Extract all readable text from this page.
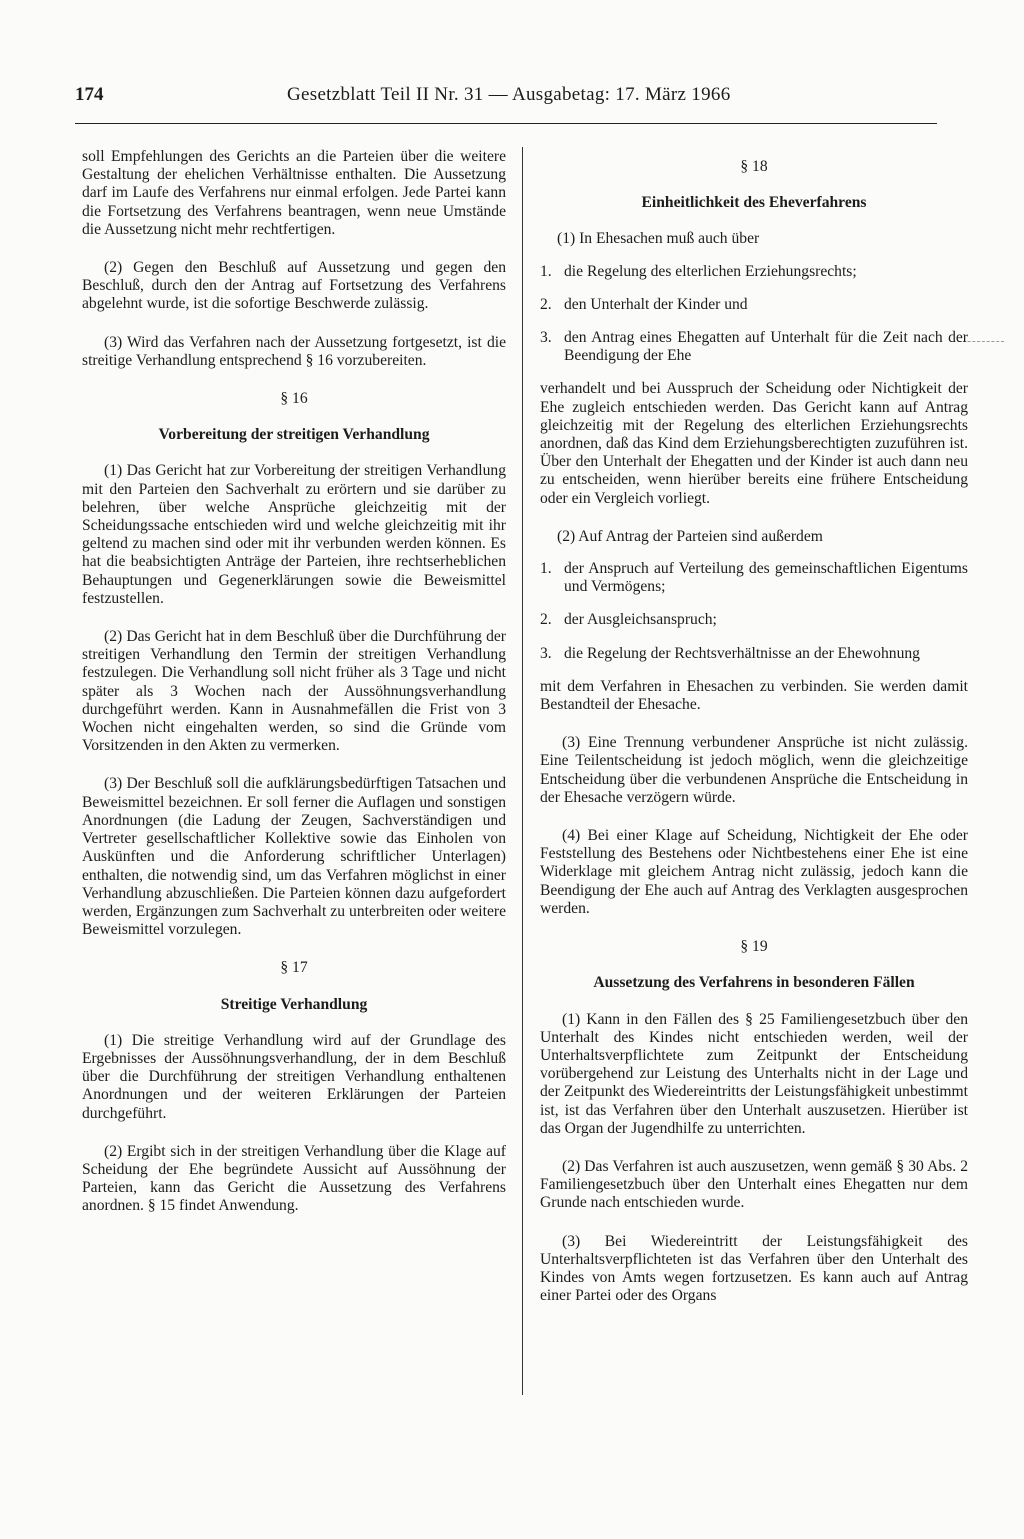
174	Gesetzblatt Teil II Nr. 31 — Ausgabetag: 17. März 1966

soll Empfehlungen des Gerichts an die Parteien über die weitere Gestaltung der ehelichen Verhältnisse enthalten. Die Aussetzung darf im Laufe des Verfahrens nur einmal erfolgen. Jede Partei kann die Fortsetzung des Verfahrens beantragen, wenn neue Umstände die Aussetzung nicht mehr rechtfertigen.

(2) Gegen den Beschluß auf Aussetzung und gegen den Beschluß, durch den der Antrag auf Fortsetzung des Verfahrens abgelehnt wurde, ist die sofortige Beschwerde zulässig.

(3) Wird das Verfahren nach der Aussetzung fortgesetzt, ist die streitige Verhandlung entsprechend § 16 vorzubereiten.

§ 16

Vorbereitung der streitigen Verhandlung

(1) Das Gericht hat zur Vorbereitung der streitigen Verhandlung mit den Parteien den Sachverhalt zu erörtern und sie darüber zu belehren, über welche Ansprüche gleichzeitig mit der Scheidungssache entschieden wird und welche gleichzeitig mit ihr geltend zu machen sind oder mit ihr verbunden werden können. Es hat die beabsichtigten Anträge der Parteien, ihre rechtserheblichen Behauptungen und Gegenerklärungen sowie die Beweismittel festzustellen.

(2) Das Gericht hat in dem Beschluß über die Durchführung der streitigen Verhandlung den Termin der streitigen Verhandlung festzulegen. Die Verhandlung soll nicht früher als 3 Tage und nicht später als 3 Wochen nach der Aussöhnungsverhandlung durchgeführt werden. Kann in Ausnahmefällen die Frist von 3 Wochen nicht eingehalten werden, so sind die Gründe vom Vorsitzenden in den Akten zu vermerken.

(3) Der Beschluß soll die aufklärungsbedürftigen Tatsachen und Beweismittel bezeichnen. Er soll ferner die Auflagen und sonstigen Anordnungen (die Ladung der Zeugen, Sachverständigen und Vertreter gesellschaftlicher Kollektive sowie das Einholen von Auskünften und die Anforderung schriftlicher Unterlagen) enthalten, die notwendig sind, um das Verfahren möglichst in einer Verhandlung abzuschließen. Die Parteien können dazu aufgefordert werden, Ergänzungen zum Sachverhalt zu unterbreiten oder weitere Beweismittel vorzulegen.

§ 17

Streitige Verhandlung

(1) Die streitige Verhandlung wird auf der Grundlage des Ergebnisses der Aussöhnungsverhandlung, der in dem Beschluß über die Durchführung der streitigen Verhandlung enthaltenen Anordnungen und der weiteren Erklärungen der Parteien durchgeführt.

(2) Ergibt sich in der streitigen Verhandlung über die Klage auf Scheidung der Ehe begründete Aussicht auf Aussöhnung der Parteien, kann das Gericht die Aussetzung des Verfahrens anordnen. § 15 findet Anwendung.

§ 18

Einheitlichkeit des Eheverfahrens

(1) In Ehesachen muß auch über

1. die Regelung des elterlichen Erziehungsrechts;

2. den Unterhalt der Kinder und

3. den Antrag eines Ehegatten auf Unterhalt für die Zeit nach der Beendigung der Ehe

verhandelt und bei Ausspruch der Scheidung oder Nichtigkeit der Ehe zugleich entschieden werden. Das Gericht kann auf Antrag gleichzeitig mit der Regelung des elterlichen Erziehungsrechts anordnen, daß das Kind dem Erziehungsberechtigten zuzuführen ist. Über den Unterhalt der Ehegatten und der Kinder ist auch dann neu zu entscheiden, wenn hierüber bereits eine frühere Entscheidung oder ein Vergleich vorliegt.

(2) Auf Antrag der Parteien sind außerdem

1. der Anspruch auf Verteilung des gemeinschaftlichen Eigentums und Vermögens;

2. der Ausgleichsanspruch;

3. die Regelung der Rechtsverhältnisse an der Ehewohnung

mit dem Verfahren in Ehesachen zu verbinden. Sie werden damit Bestandteil der Ehesache.

(3) Eine Trennung verbundener Ansprüche ist nicht zulässig. Eine Teilentscheidung ist jedoch möglich, wenn die gleichzeitige Entscheidung über die verbundenen Ansprüche die Entscheidung in der Ehesache verzögern würde.

(4) Bei einer Klage auf Scheidung, Nichtigkeit der Ehe oder Feststellung des Bestehens oder Nichtbestehens einer Ehe ist eine Widerklage mit gleichem Antrag nicht zulässig, jedoch kann die Beendigung der Ehe auch auf Antrag des Verklagten ausgesprochen werden.

§ 19

Aussetzung des Verfahrens in besonderen Fällen

(1) Kann in den Fällen des § 25 Familiengesetzbuch über den Unterhalt des Kindes nicht entschieden werden, weil der Unterhaltsverpflichtete zum Zeitpunkt der Entscheidung vorübergehend zur Leistung des Unterhalts nicht in der Lage und der Zeitpunkt des Wiedereintritts der Leistungsfähigkeit unbestimmt ist, ist das Verfahren über den Unterhalt auszusetzen. Hierüber ist das Organ der Jugendhilfe zu unterrichten.

(2) Das Verfahren ist auch auszusetzen, wenn gemäß § 30 Abs. 2 Familiengesetzbuch über den Unterhalt eines Ehegatten nur dem Grunde nach entschieden wurde.

(3) Bei Wiedereintritt der Leistungsfähigkeit des Unterhaltsverpflichteten ist das Verfahren über den Unterhalt des Kindes von Amts wegen fortzusetzen. Es kann auch auf Antrag einer Partei oder des Organs
